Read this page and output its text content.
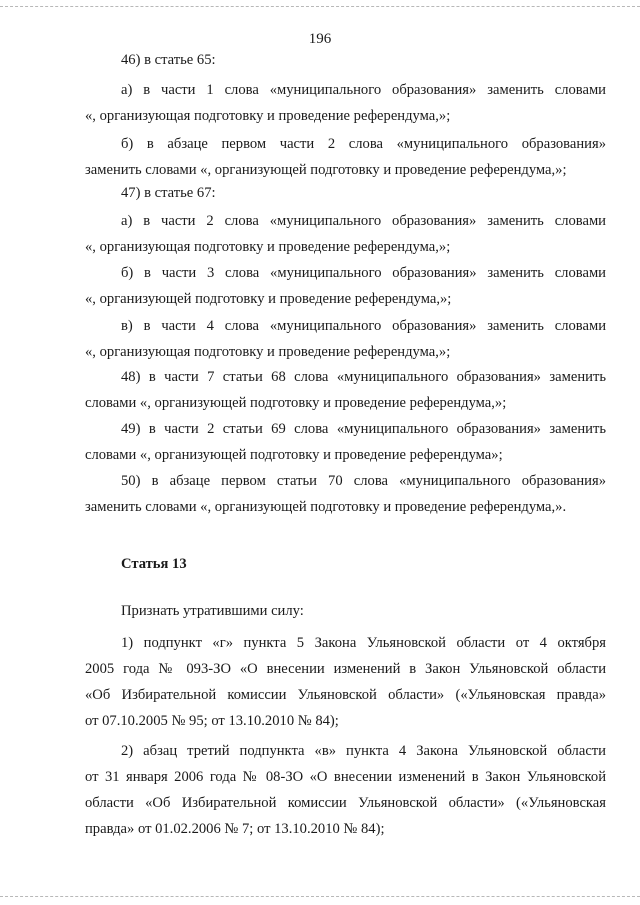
196
46) в статье 65:
а) в части 1 слова «муниципального образования» заменить словами
«, организующая подготовку и проведение референдума,»;
б) в абзаце первом части 2 слова «муниципального образования»
заменить словами «, организующей подготовку и проведение референдума,»;
47) в статье 67:
а) в части 2 слова «муниципального образования» заменить словами
«, организующая подготовку и проведение референдума,»;
б) в части 3 слова «муниципального образования» заменить словами
«, организующей подготовку и проведение референдума,»;
в) в части 4 слова «муниципального образования» заменить словами
«, организующая подготовку и проведение референдума,»;
48) в части 7 статьи 68 слова «муниципального образования» заменить
словами «, организующей подготовку и проведение референдума,»;
49) в части 2 статьи 69 слова «муниципального образования» заменить
словами «, организующей подготовку и проведение референдума»;
50) в абзаце первом статьи 70 слова «муниципального образования»
заменить словами «, организующей подготовку и проведение референдума,».
Статья 13
Признать утратившими силу:
1) подпункт «г» пункта 5 Закона Ульяновской области от 4 октября
2005 года № 093-ЗО «О внесении изменений в Закон Ульяновской области
«Об Избирательной комиссии Ульяновской области» («Ульяновская правда»
от 07.10.2005 № 95; от 13.10.2010 № 84);
2) абзац третий подпункта «в» пункта 4 Закона Ульяновской области
от 31 января 2006 года № 08-ЗО «О внесении изменений в Закон Ульяновской
области «Об Избирательной комиссии Ульяновской области» («Ульяновская
правда» от 01.02.2006 № 7; от 13.10.2010 № 84);
